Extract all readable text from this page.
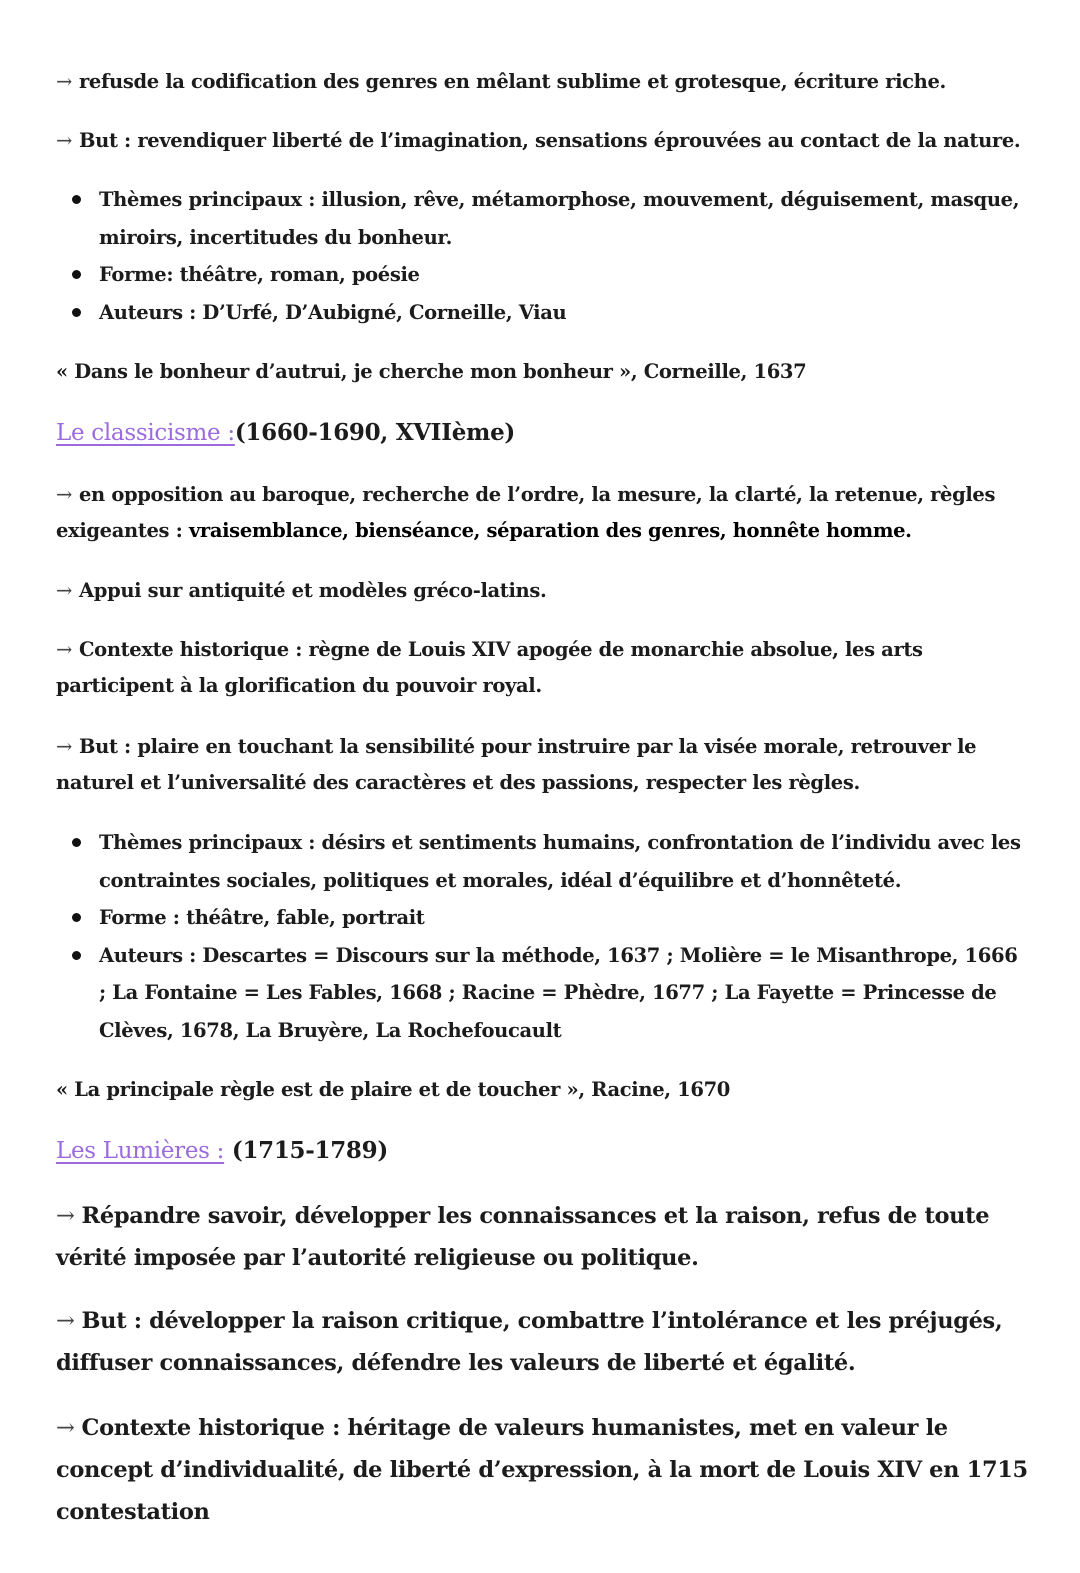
→ refusde la codification des genres en mêlant sublime et grotesque, écriture riche.

→ But : revendiquer liberté de l’imagination, sensations éprouvées au contact de la nature.

Thèmes principaux : illusion, rêve, métamorphose, mouvement, déguisement, masque, miroirs, incertitudes du bonheur.
Forme: théâtre, roman, poésie
Auteurs : D’Urfé, D’Aubigné, Corneille, Viau

« Dans le bonheur d’autrui, je cherche mon bonheur », Corneille, 1637

Le classicisme :(1660-1690, XVIIème)

→ en opposition au baroque, recherche de l’ordre, la mesure, la clarté, la retenue, règles exigeantes : vraisemblance, bienséance, séparation des genres, honnête homme.

→ Appui sur antiquité et modèles gréco-latins.

→ Contexte historique : règne de Louis XIV apogée de monarchie absolue, les arts participent à la glorification du pouvoir royal.

→ But : plaire en touchant la sensibilité pour instruire par la visée morale, retrouver le naturel et l’universalité des caractères et des passions, respecter les règles.

Thèmes principaux : désirs et sentiments humains, confrontation de l’individu avec les contraintes sociales, politiques et morales, idéal d’équilibre et d’honnêteté.
Forme : théâtre, fable, portrait
Auteurs : Descartes = Discours sur la méthode, 1637 ; Molière = le Misanthrope, 1666 ; La Fontaine = Les Fables, 1668 ; Racine = Phèdre, 1677 ; La Fayette = Princesse de Clèves, 1678, La Bruyère, La Rochefoucault

« La principale règle est de plaire et de toucher », Racine, 1670

Les Lumières : (1715-1789)

→ Répandre savoir, développer les connaissances et la raison, refus de toute vérité imposée par l’autorité religieuse ou politique.

→ But : développer la raison critique, combattre l’intolérance et les préjugés, diffuser connaissances, défendre les valeurs de liberté et égalité.

→ Contexte historique : héritage de valeurs humanistes, met en valeur le concept d’individualité, de liberté d’expression, à la mort de Louis XIV en 1715 contestation
